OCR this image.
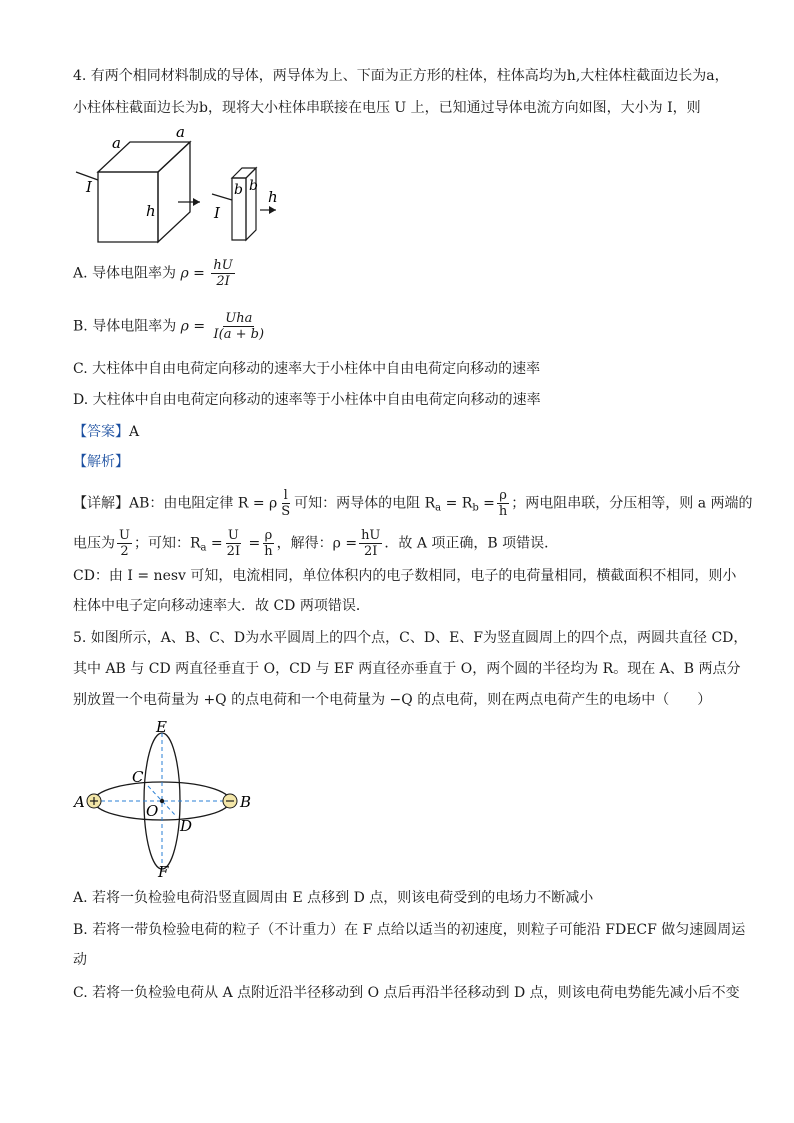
4. 有两个相同材料制成的导体，两导体为上、下面为正方形的柱体，柱体高均为h,大柱体柱截面边长为a，
小柱体柱截面边长为b，现将大小柱体串联接在电压 U 上，已知通过导体电流方向如图，大小为 I，则
a
a
h
I
I
b b
h
A. 导体电阻率为 $\rho = \frac{hU}{2I}$
B. 导体电阻率为 $\rho = \frac{\text{Uha}}{I(a + b)}$
C. 大柱体中自由电荷定向移动的速率大于小柱体中自由电荷定向移动的速率
D. 大柱体中自由电荷定向移动的速率等于小柱体中自由电荷定向移动的速率
【答案】A
【解析】
【详解】AB：由电阻定律 R = ρ $\frac{l}{S}$ 可知：两导体的电阻 $R_a = R_b = \frac{\rho}{h}$ ；两电阻串联，分压相等，则 a 两端的
电压为 $\frac{U}{2}$ ；可知：$R_a = \frac{U}{2I} = \frac{\rho}{h}$ ，解得：$\rho = \frac{hU}{2I}$ ．故 A 项正确，B 项错误．
CD：由 I = nesv 可知，电流相同，单位体积内的电子数相同，电子的电荷量相同，横截面积不相同，则小
柱体中电子定向移动速率大．故 CD 两项错误．
5. 如图所示，A、B、C、D为水平圆周上的四个点，C、D、E、F为竖直圆周上的四个点，两圆共直径 CD，
其中 AB 与 CD 两直径垂直于 O，CD 与 EF 两直径亦垂直于 O，两个圆的半径均为 R。现在 A、B 两点分
别放置一个电荷量为 +Q 的点电荷和一个电荷量为 −Q 的点电荷，则在两点电荷产生的电场中（　　）
A	B
C
D
E
F
O
A. 若将一负检验电荷沿竖直圆周由 E 点移到 D 点，则该电荷受到的电场力不断减小
B. 若将一带负检验电荷的粒子（不计重力）在 F 点给以适当的初速度，则粒子可能沿 FDECF 做匀速圆周运
动
C. 若将一负检验电荷从 A 点附近沿半径移动到 O 点后再沿半径移动到 D 点，则该电荷电势能先减小后不变
